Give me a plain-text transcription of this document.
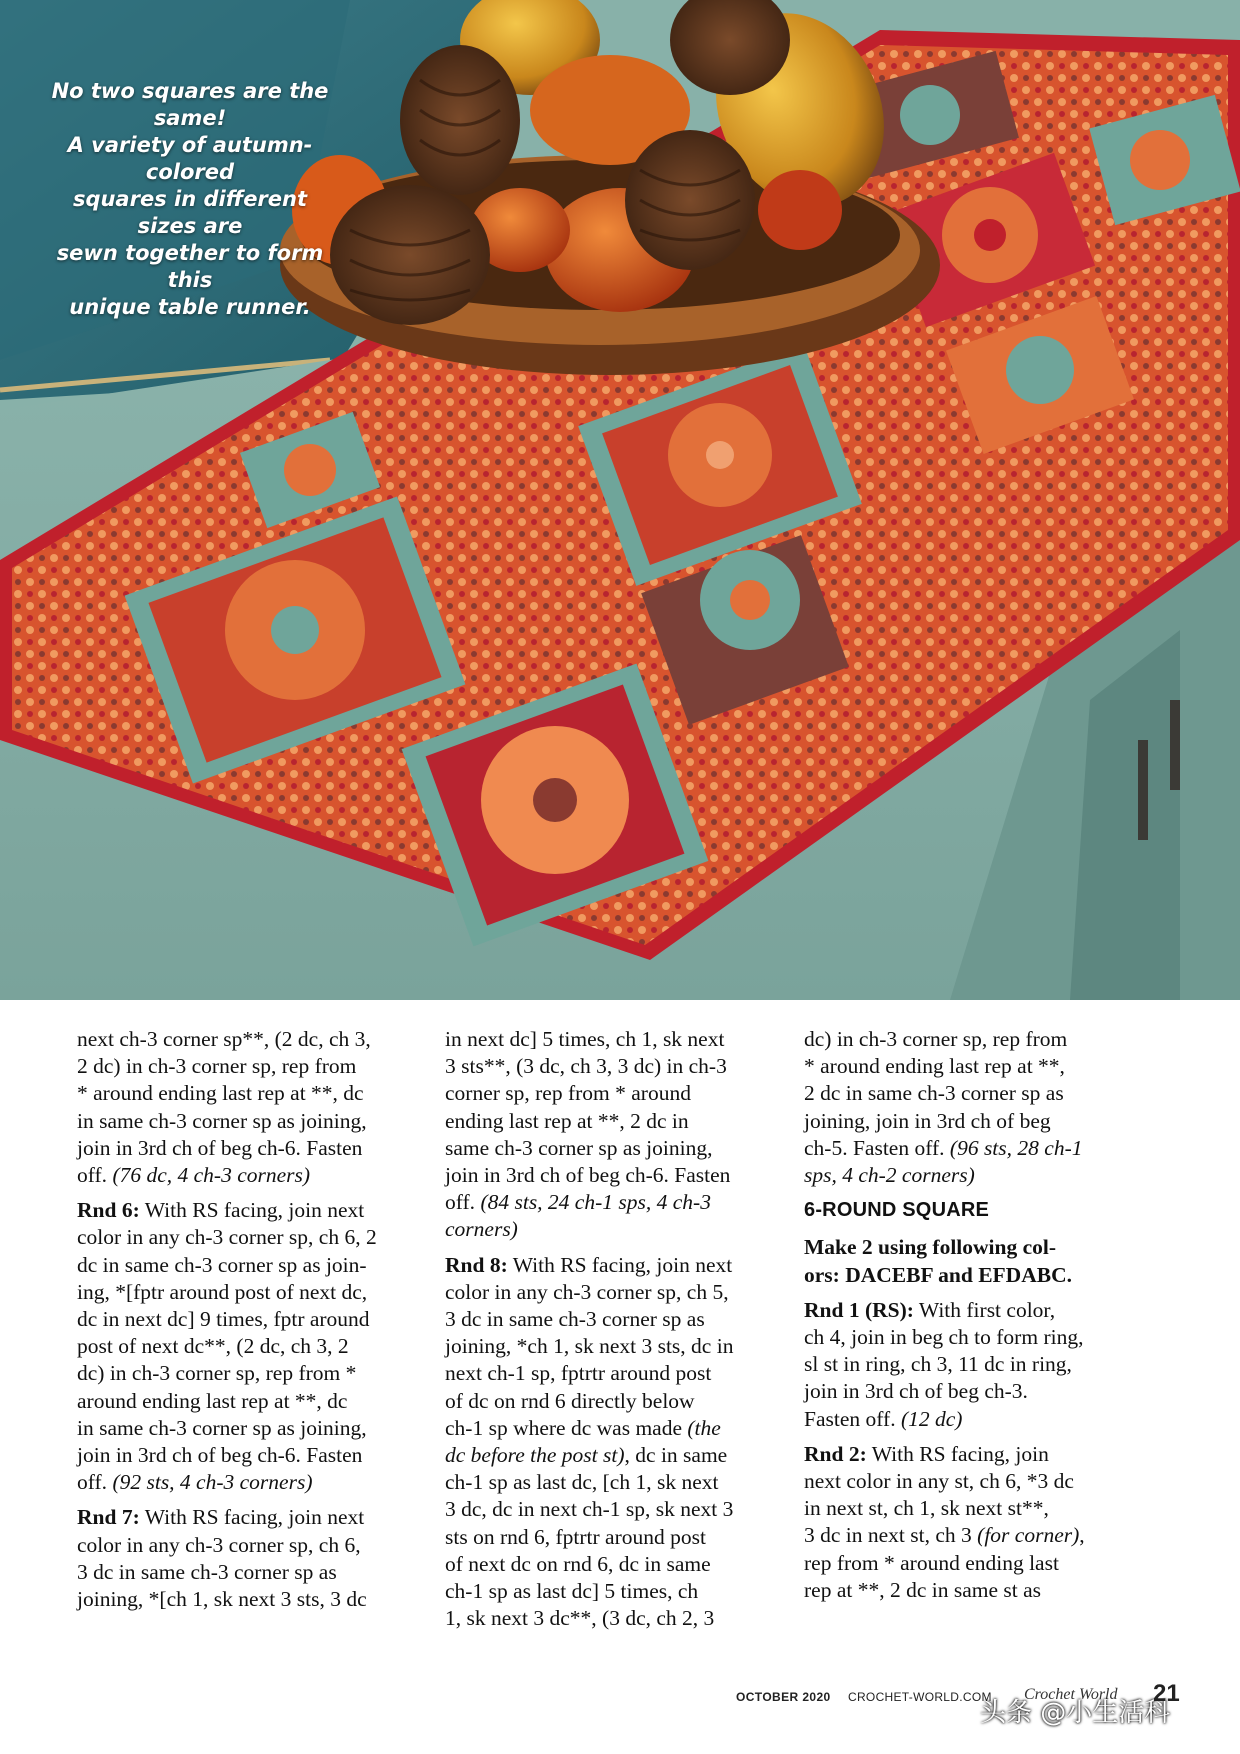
No two squares are the same!
A variety of autumn-colored
squares in different sizes are
sewn together to form this
unique table runner.

next ch-3 corner sp**, (2 dc, ch 3,
2 dc) in ch-3 corner sp, rep from
* around ending last rep at **, dc
in same ch-3 corner sp as joining,
join in 3rd ch of beg ch-6. Fasten
off. (76 dc, 4 ch-3 corners)

Rnd 6: With RS facing, join next
color in any ch-3 corner sp, ch 6, 2
dc in same ch-3 corner sp as join-
ing, *[fptr around post of next dc,
dc in next dc] 9 times, fptr around
post of next dc**, (2 dc, ch 3, 2
dc) in ch-3 corner sp, rep from *
around ending last rep at **, dc
in same ch-3 corner sp as joining,
join in 3rd ch of beg ch-6. Fasten
off. (92 sts, 4 ch-3 corners)

Rnd 7: With RS facing, join next
color in any ch-3 corner sp, ch 6,
3 dc in same ch-3 corner sp as
joining, *[ch 1, sk next 3 sts, 3 dc

in next dc] 5 times, ch 1, sk next
3 sts**, (3 dc, ch 3, 3 dc) in ch-3
corner sp, rep from * around
ending last rep at **, 2 dc in
same ch-3 corner sp as joining,
join in 3rd ch of beg ch-6. Fasten
off. (84 sts, 24 ch-1 sps, 4 ch-3
corners)

Rnd 8: With RS facing, join next
color in any ch-3 corner sp, ch 5,
3 dc in same ch-3 corner sp as
joining, *ch 1, sk next 3 sts, dc in
next ch-1 sp, fptrtr around post
of dc on rnd 6 directly below
ch-1 sp where dc was made (the
dc before the post st), dc in same
ch-1 sp as last dc, [ch 1, sk next
3 dc, dc in next ch-1 sp, sk next 3
sts on rnd 6, fptrtr around post
of next dc on rnd 6, dc in same
ch-1 sp as last dc] 5 times, ch
1, sk next 3 dc**, (3 dc, ch 2, 3

dc) in ch-3 corner sp, rep from
* around ending last rep at **,
2 dc in same ch-3 corner sp as
joining, join in 3rd ch of beg
ch-5. Fasten off. (96 sts, 28 ch-1
sps, 4 ch-2 corners)

6-ROUND SQUARE

Make 2 using following col-
ors: DACEBF and EFDABC.

Rnd 1 (RS): With first color,
ch 4, join in beg ch to form ring,
sl st in ring, ch 3, 11 dc in ring,
join in 3rd ch of beg ch-3.
Fasten off. (12 dc)

Rnd 2: With RS facing, join
next color in any st, ch 6, *3 dc
in next st, ch 1, sk next st**,
3 dc in next st, ch 3 (for corner),
rep from * around ending last
rep at **, 2 dc in same st as

OCTOBER 2020 CROCHET-WORLD.COM Crochet World
头条 @小生活科
21
